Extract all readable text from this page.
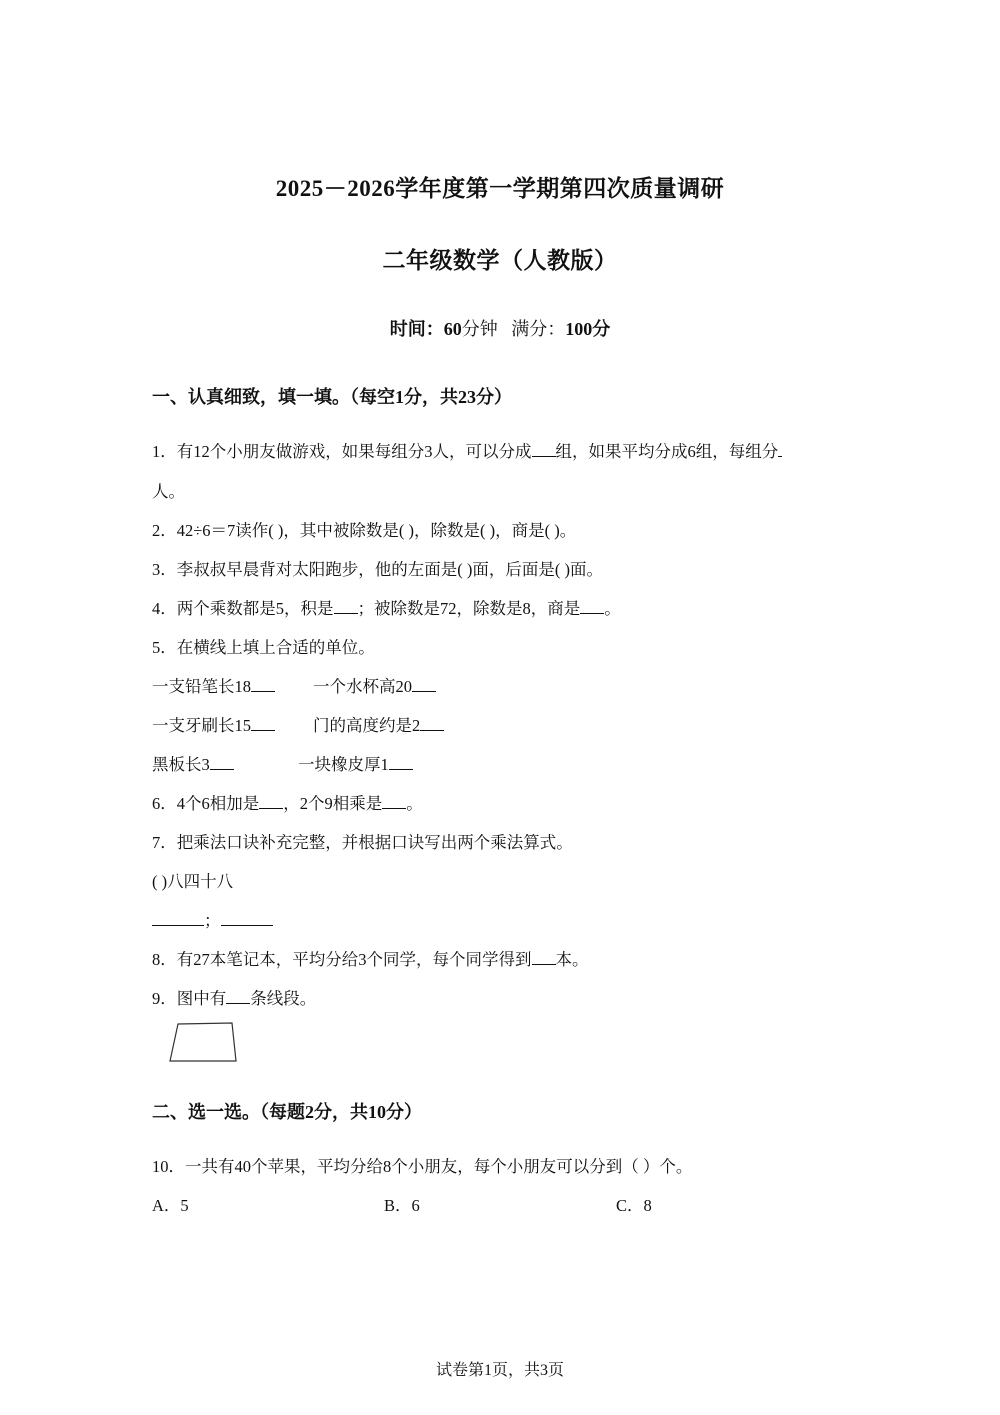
2025－2026学年度第一学期第四次质量调研
二年级数学（人教版）
时间：60分钟 满分：100分
一、认真细致，填一填。（每空1分，共23分）
1．有12个小朋友做游戏，如果每组分3人，可以分成 组，如果平均分成6组，每组分
人。
2．42÷6＝7读作( )，其中被除数是( )，除数是( )，商是( )。
3．李叔叔早晨背对太阳跑步，他的左面是( )面，后面是( )面。
4．两个乘数都是5，积是 ；被除数是72，除数是8，商是 。
5．在横线上填上合适的单位。
一支铅笔长18	一个水杯高20
一支牙刷长15	门的高度约是2
黑板长3	一块橡皮厚1
6．4个6相加是 ，2个9相乘是 。
7．把乘法口诀补充完整，并根据口诀写出两个乘法算式。
( )八四十八
；
8．有27本笔记本，平均分给3个同学，每个同学得到 本。
9．图中有 条线段。
二、选一选。（每题2分，共10分）
10．一共有40个苹果，平均分给8个小朋友，每个小朋友可以分到（ ）个。
A．5	B．6	C．8
试卷第1页，共3页
